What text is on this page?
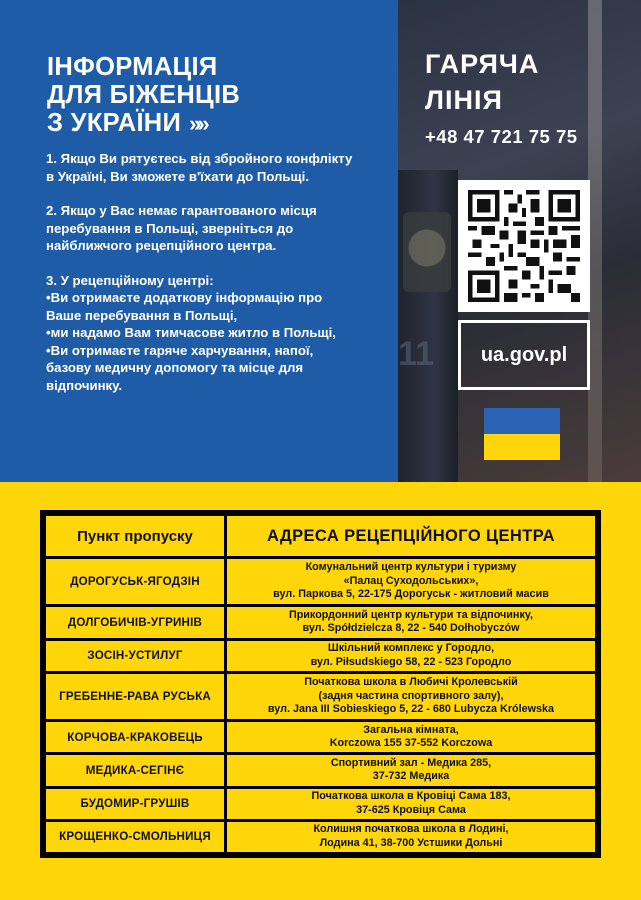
11
ІНФОРМАЦІЯ
ДЛЯ БІЖЕНЦІВ
З УКРАЇНИ »»

1. Якщо Ви рятуєтесь від збройного конфлікту в Україні, Ви зможете в'їхати до Польщі.

2. Якщо у Вас немає гарантованого місця перебування в Польщі, зверніться до найближчого рецепційного центра.

3. У рецепційному центрі:
•Ви отримаєте додаткову інформацію про Ваше перебування в Польщі,
•ми надамо Вам тимчасове житло в Польщі,
•Ви отримаєте гаряче харчування, напої, базову медичну допомогу та місце для відпочинку.

ГАРЯЧА
ЛІНІЯ
+48 47 721 75 75
ua.gov.pl
Пункт пропуску	АДРЕСА РЕЦЕПЦІЙНОГО ЦЕНТРА
ДОРОГУСЬК-ЯГОДЗІН	Комунальний центр культури і туризму
«Палац Суходольських»,
вул. Паркова 5, 22-175 Дорогуськ - житловий масив

ДОЛГОБИЧІВ-УГРИНІВ	Прикордонний центр культури та відпочинку,
вул. Spółdzielcza 8, 22 - 540 Dołhobyczów

ЗОСІН-УСТИЛУГ	Шкільний комплекс у Городло,
вул. Piłsudskiego 58, 22 - 523 Городло

ГРЕБЕННЕ-РАВА РУСЬКА	Початкова школа в Любичі Кролевській
(задня частина спортивного залу),
вул. Jana III Sobieskiego 5, 22 - 680 Lubycza Królewska

КОРЧОВА-КРАКОВЕЦЬ	Загальна кімната,
Korczowa 155 37-552 Korczowa

МЕДИКА-СЕГІНЄ	Спортивний зал - Медика 285,
37-732 Медика

БУДОМИР-ГРУШІВ	Початкова школа в Кровіці Сама 183,
37-625 Кровіця Сама

КРОЩЕНКО-СМОЛЬНИЦЯ	Колишня початкова школа в Лодині,
Лодина 41, 38-700 Устшики Дольні
